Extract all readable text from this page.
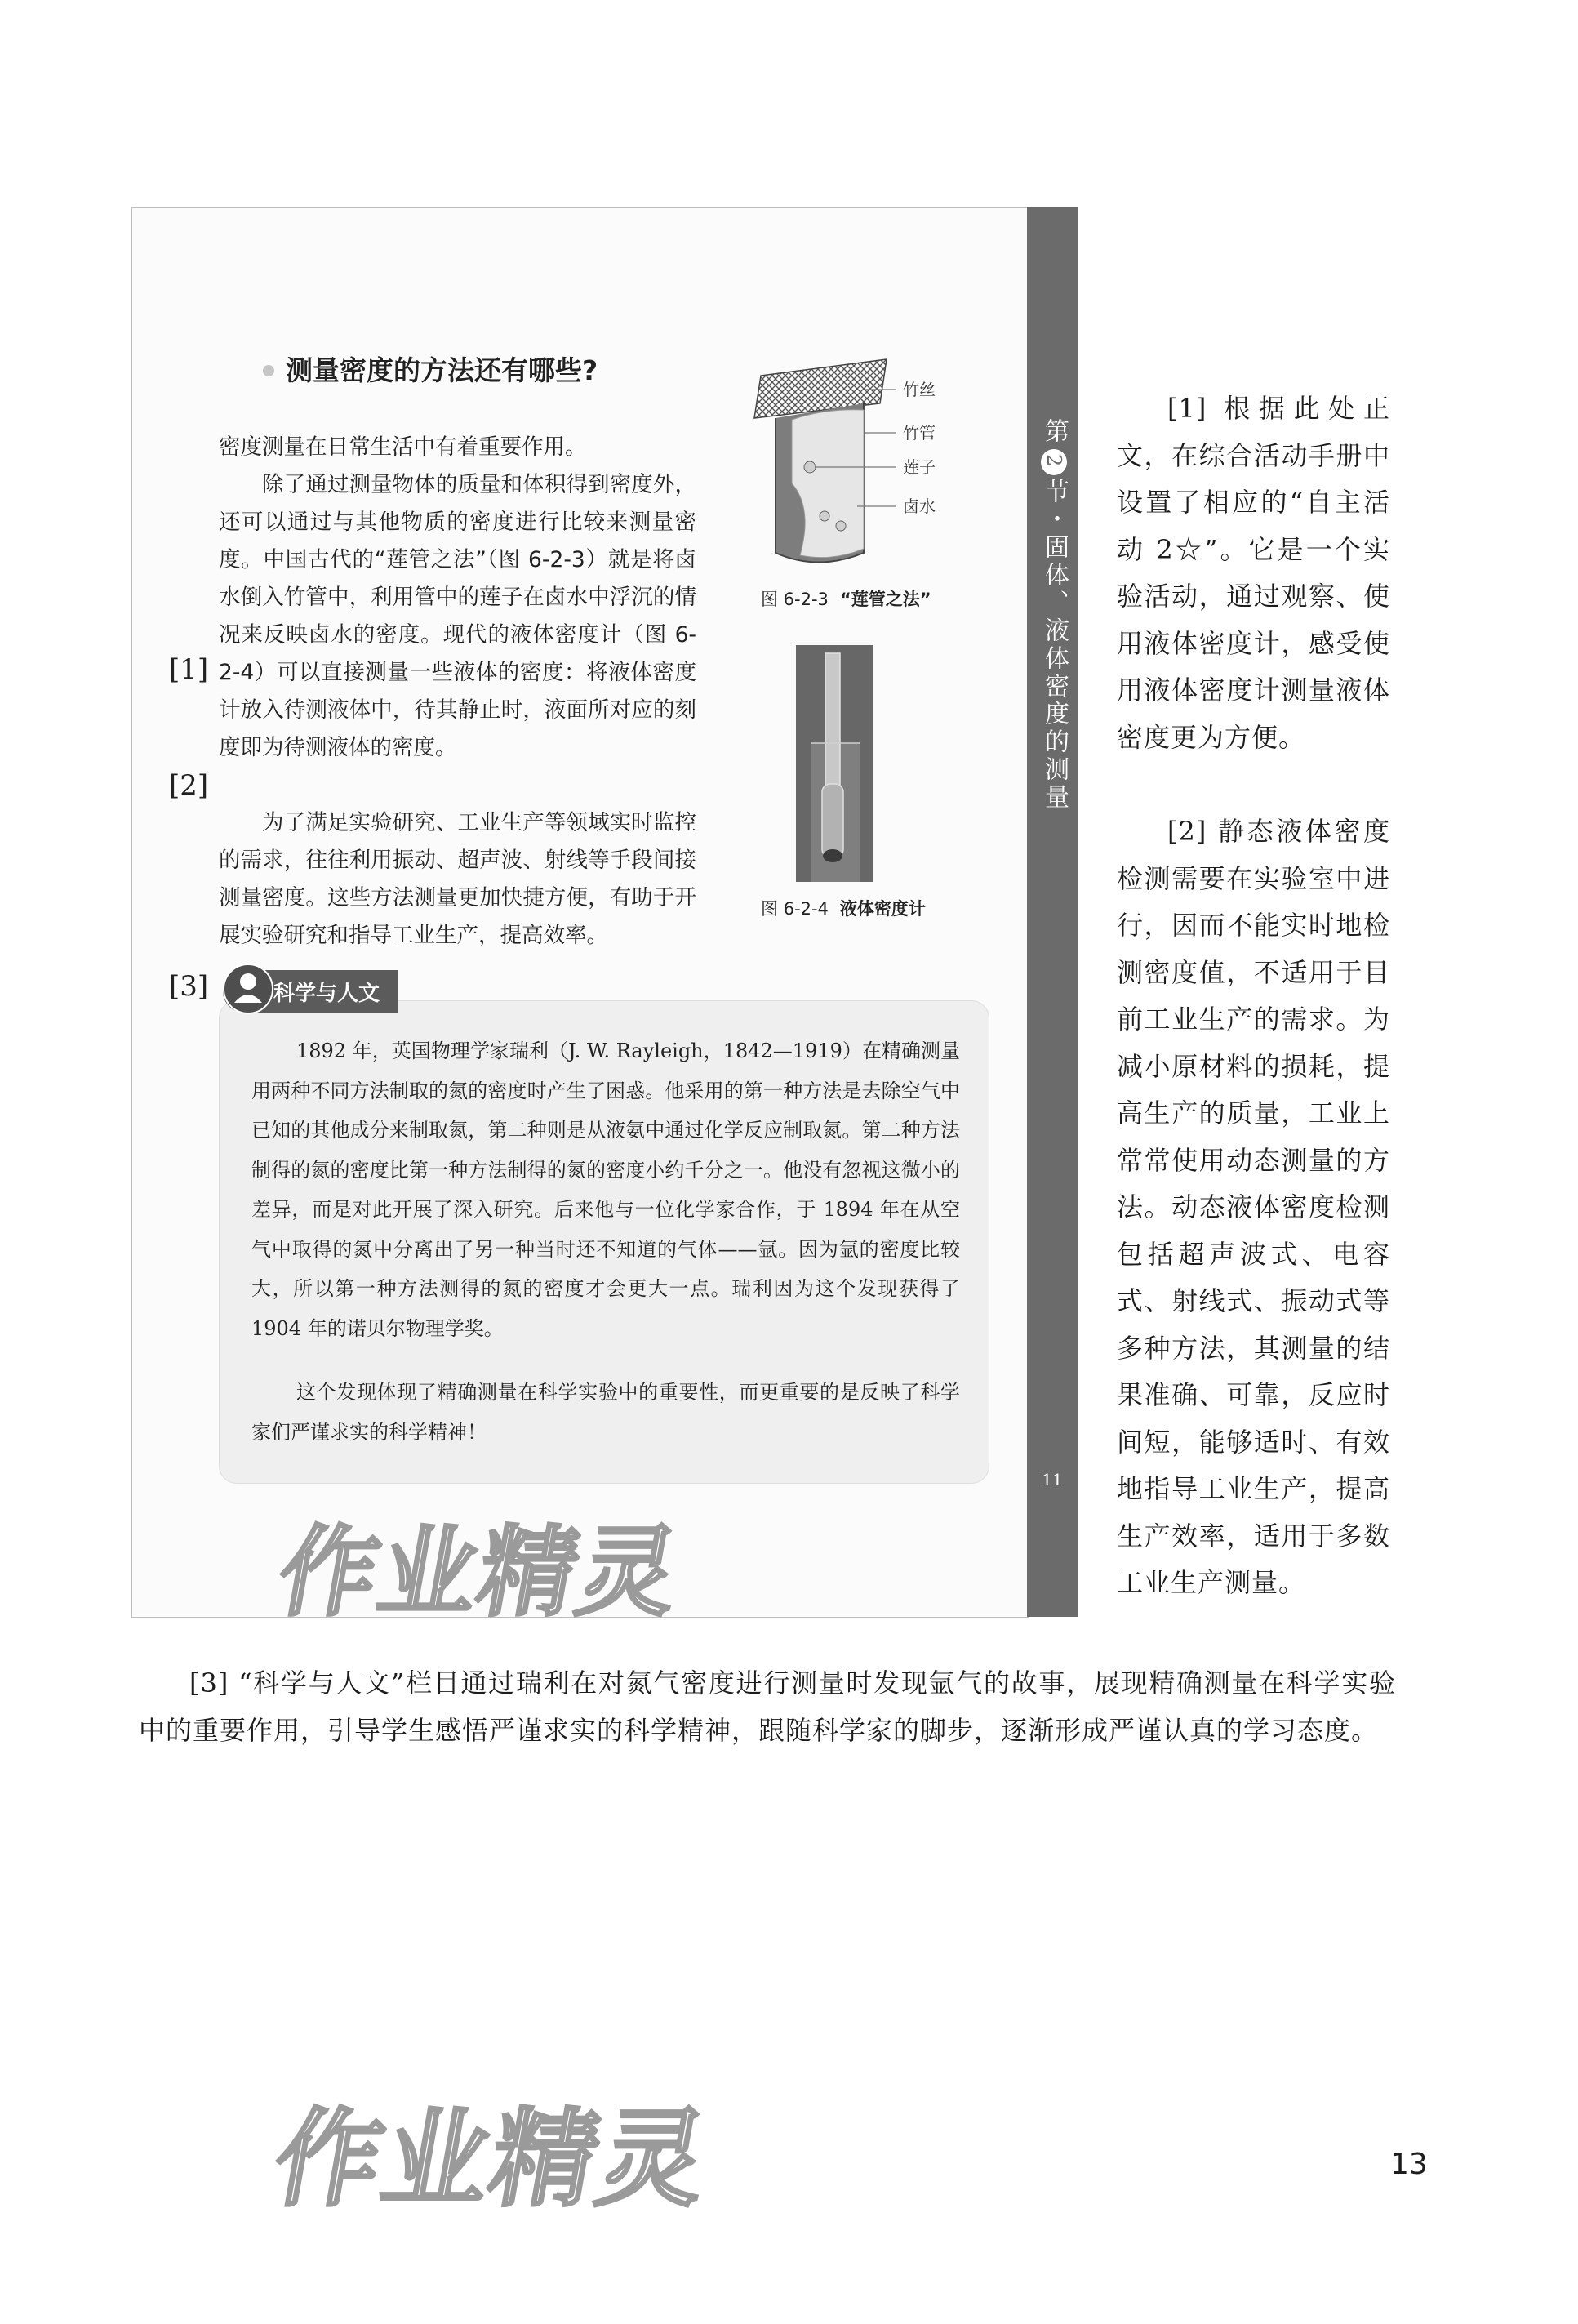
第2节・固体、液体密度的测量
11
测量密度的方法还有哪些?
密度测量在日常生活中有着重要作用。
除了通过测量物体的质量和体积得到密度外，还可以通过与其他物质的密度进行比较来测量密度。中国古代的“莲管之法”（图 6-2-3）就是将卤水倒入竹管中，利用管中的莲子在卤水中浮沉的情况来反映卤水的密度。现代的液体密度计（图 6-2-4）可以直接测量一些液体的密度：将液体密度计放入待测液体中，待其静止时，液面所对应的刻度即为待测液体的密度。
为了满足实验研究、工业生产等领域实时监控的需求，往往利用振动、超声波、射线等手段间接测量密度。这些方法测量更加快捷方便，有助于开展实验研究和指导工业生产，提高效率。
[1]
[2]
[3]
竹丝
竹管
莲子
卤水
图 6-2-3 “莲管之法”
图 6-2-4 液体密度计
科学与人文
1892 年，英国物理学家瑞利（J. W. Rayleigh，1842—1919）在精确测量用两种不同方法制取的氮的密度时产生了困惑。他采用的第一种方法是去除空气中已知的其他成分来制取氮，第二种则是从液氨中通过化学反应制取氮。第二种方法制得的氮的密度比第一种方法制得的氮的密度小约千分之一。他没有忽视这微小的差异，而是对此开展了深入研究。后来他与一位化学家合作，于 1894 年在从空气中取得的氮中分离出了另一种当时还不知道的气体——氩。因为氩的密度比较大，所以第一种方法测得的氮的密度才会更大一点。瑞利因为这个发现获得了 1904 年的诺贝尔物理学奖。
这个发现体现了精确测量在科学实验中的重要性，而更重要的是反映了科学家们严谨求实的科学精神！
作业精灵
作业精灵
[1] 根据此处正文，在综合活动手册中设置了相应的“自主活动 2☆”。它是一个实验活动，通过观察、使用液体密度计，感受使用液体密度计测量液体密度更为方便。
[2] 静态液体密度检测需要在实验室中进行，因而不能实时地检测密度值，不适用于目前工业生产的需求。为减小原材料的损耗，提高生产的质量，工业上常常使用动态测量的方法。动态液体密度检测包括超声波式、电容式、射线式、振动式等多种方法，其测量的结果准确、可靠，反应时间短，能够适时、有效地指导工业生产，提高生产效率，适用于多数工业生产测量。
[3] “科学与人文”栏目通过瑞利在对氮气密度进行测量时发现氩气的故事，展现精确测量在科学实验中的重要作用，引导学生感悟严谨求实的科学精神，跟随科学家的脚步，逐渐形成严谨认真的学习态度。
13
